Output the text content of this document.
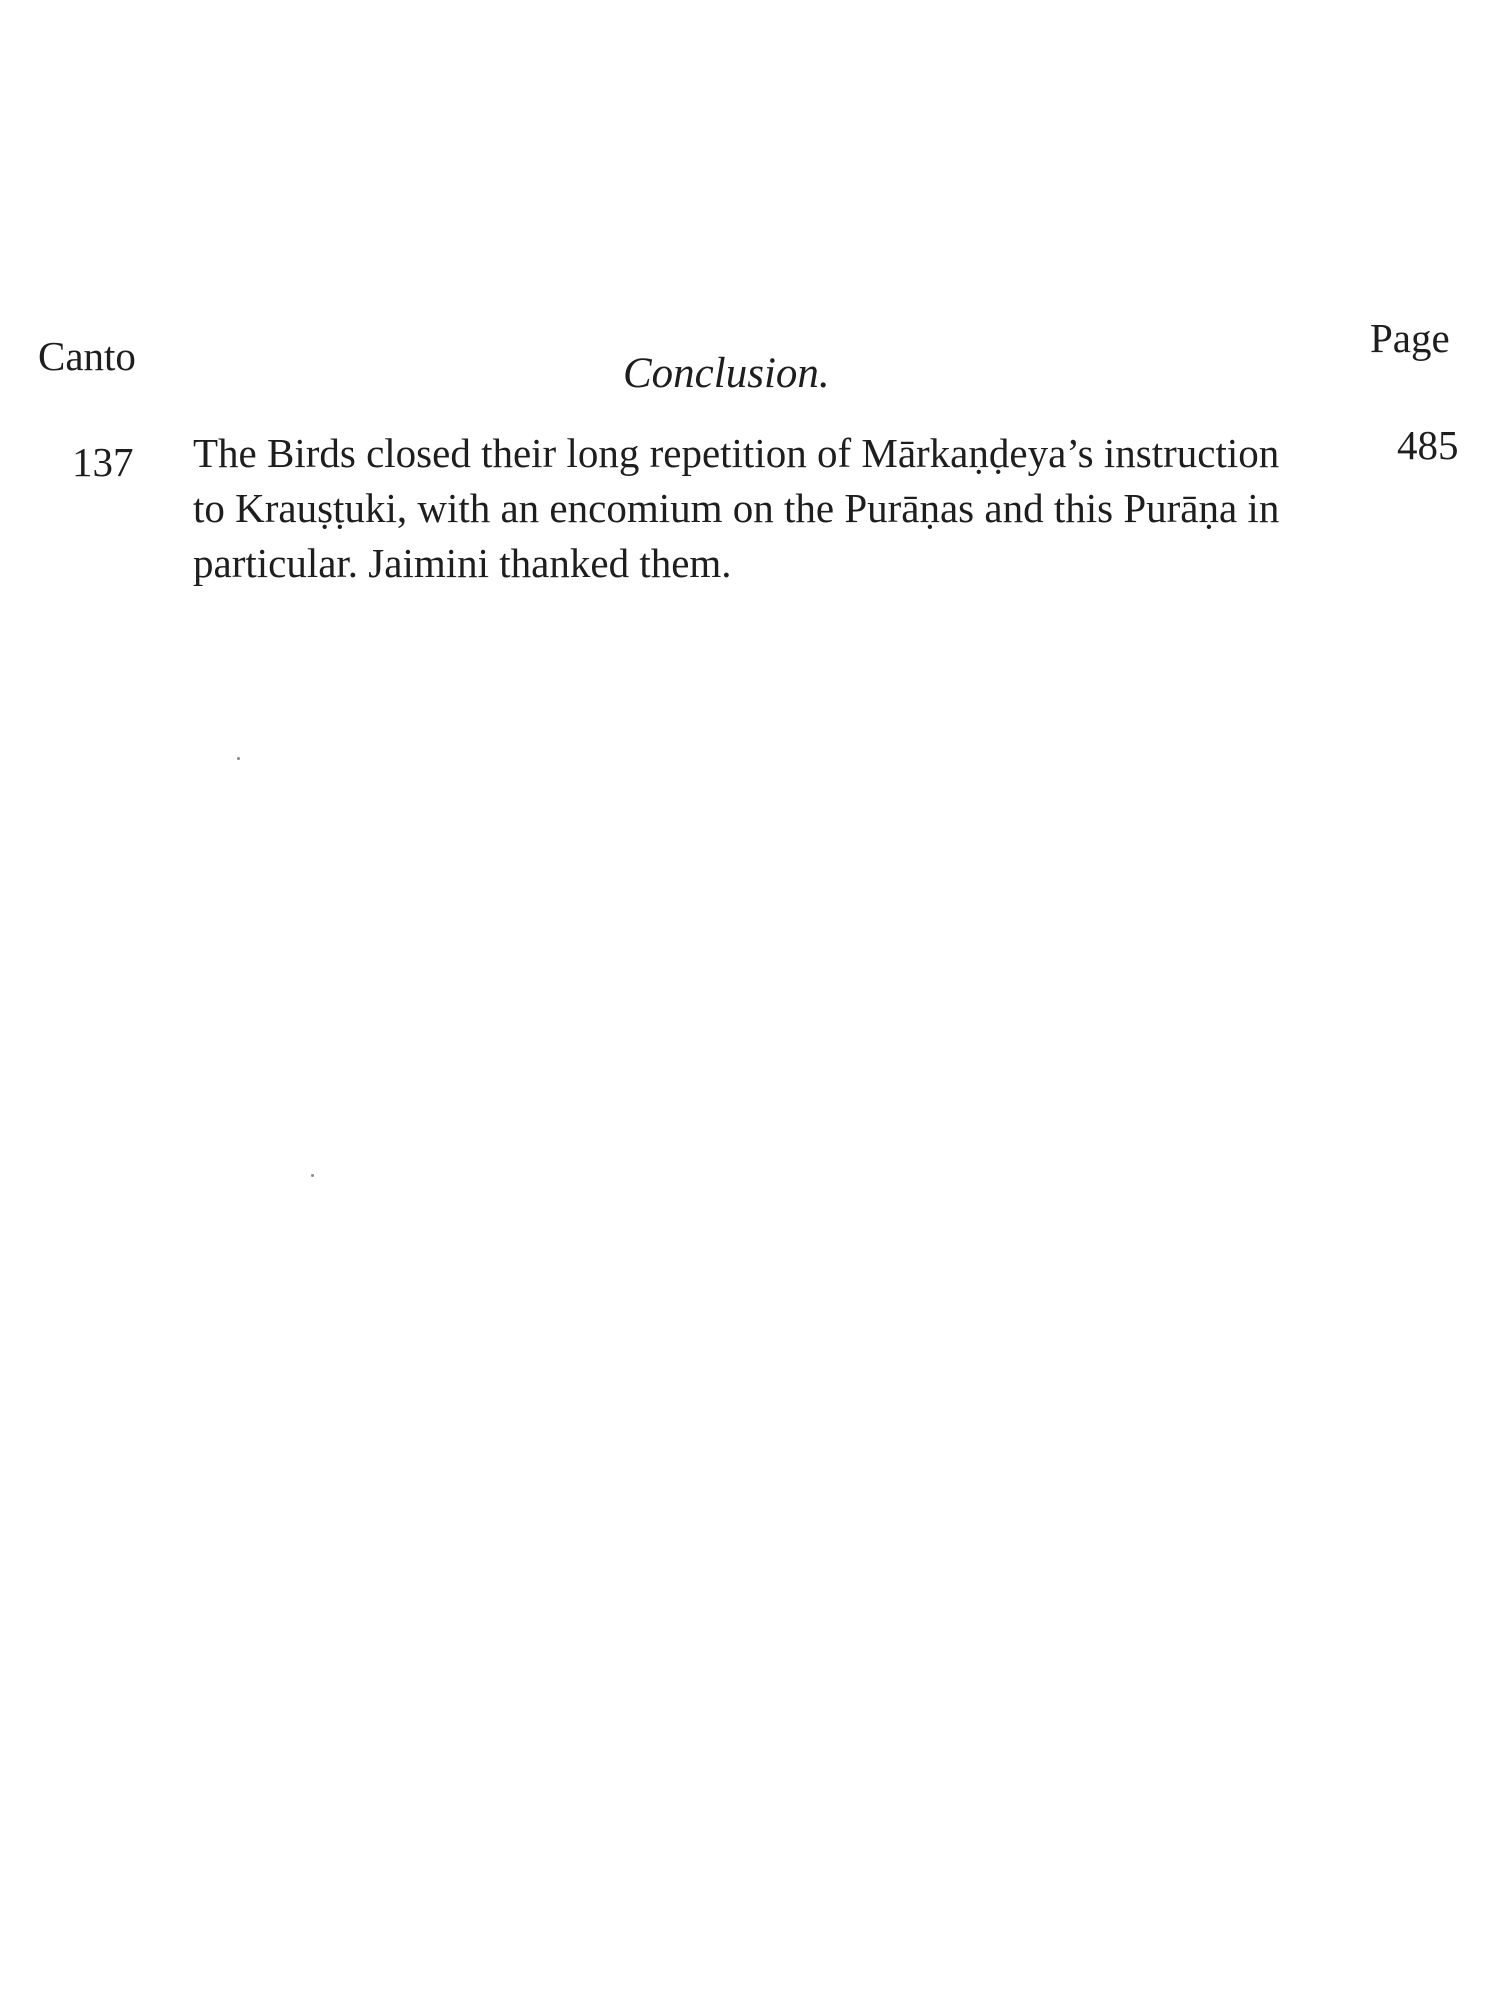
Canto	Page
Conclusion.
137 The Birds closed their long repetition of Mārkaṇḍeya’s instruction
to Krauṣṭuki, with an encomium on the Purāṇas and this Purāṇa in
particular. Jaimini thanked them.
485
